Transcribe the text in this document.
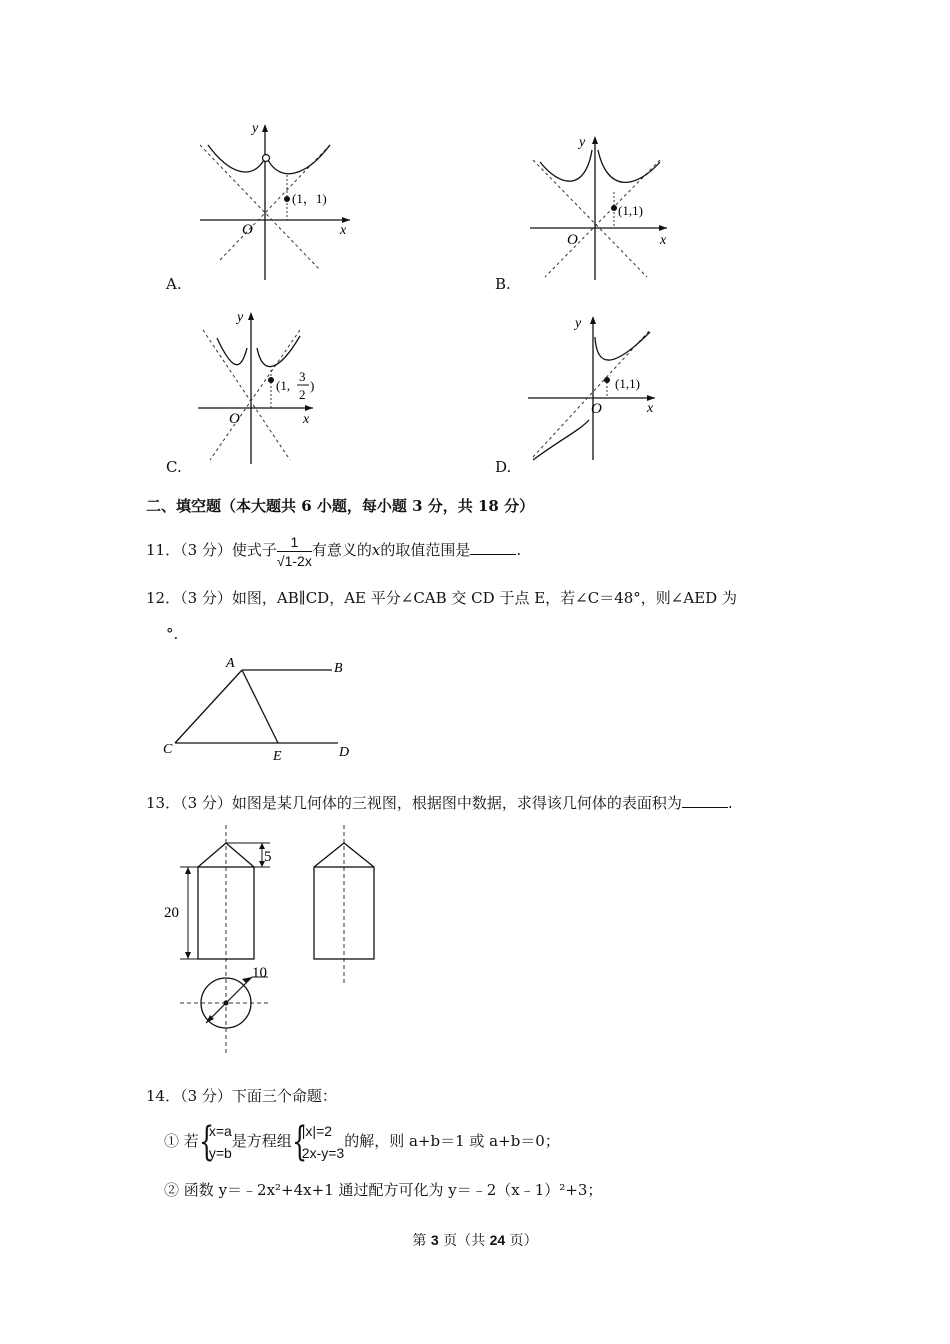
y
x
O
(1，1)
A.
y
x
O
(1,1)
B.
y
x
O
(1,
3
2
)
C.
y
x
O
(1,1)
D.
二、填空题（本大题共 6 小题，每小题 3 分，共 18 分）
11．（3 分）使式子 $\frac{1}{√1-2x}$ 有意义的x的取值范围是	.
12．（3 分）如图，AB∥CD，AE 平分∠CAB 交 CD 于点 E，若∠C＝48°，则∠AED 为
°.
A	B
C	D
E
13．（3 分）如图是某几何体的三视图，根据图中数据，求得该几何体的表面积为	.
5
20
10
14．（3 分）下面三个命题：
① 若 {
x=a
y=b
是方程组 {
|x|=2
2x-y=3
的解，则 a+b＝1 或 a+b＝0；
② 函数 y＝﹣2x²+4x+1 通过配方可化为 y＝﹣2（x﹣1）²+3；
第 3 页（共 24 页）
